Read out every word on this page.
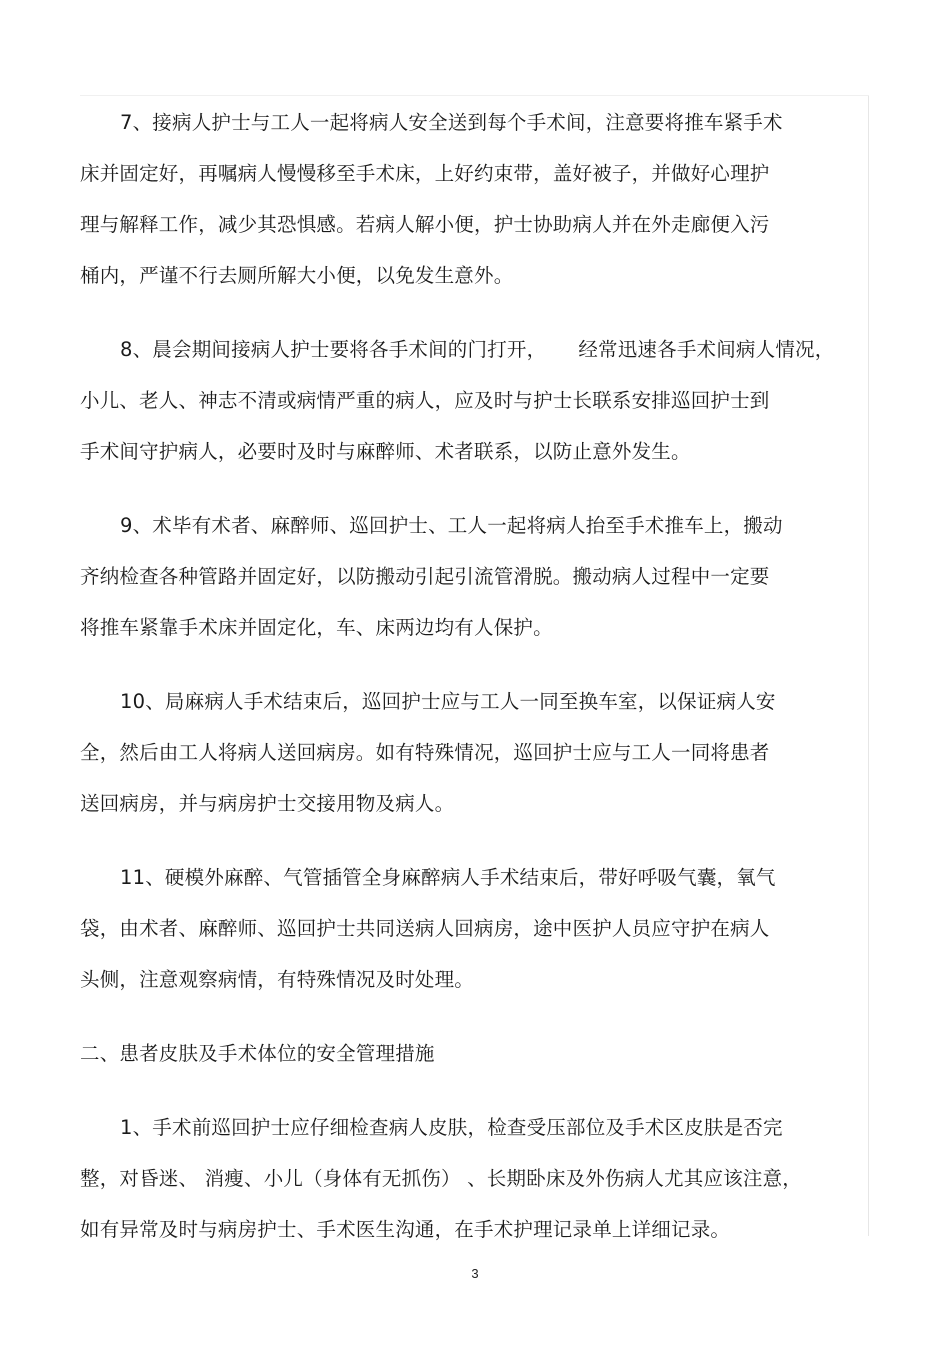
7、接病人护士与工人一起将病人安全送到每个手术间，注意要将推车紧手术
床并固定好，再嘱病人慢慢移至手术床，上好约束带，盖好被子，并做好心理护
理与解释工作，减少其恐惧感。若病人解小便，护士协助病人并在外走廊便入污
桶内，严谨不行去厕所解大小便，以免发生意外。
8、晨会期间接病人护士要将各手术间的门打开， 经常迅速各手术间病人情况，
小儿、老人、神志不清或病情严重的病人，应及时与护士长联系安排巡回护士到
手术间守护病人，必要时及时与麻醉师、术者联系，以防止意外发生。
9、术毕有术者、麻醉师、巡回护士、工人一起将病人抬至手术推车上，搬动
齐纳检查各种管路并固定好，以防搬动引起引流管滑脱。搬动病人过程中一定要
将推车紧靠手术床并固定化，车、床两边均有人保护。
10、局麻病人手术结束后，巡回护士应与工人一同至换车室，以保证病人安
全，然后由工人将病人送回病房。如有特殊情况，巡回护士应与工人一同将患者
送回病房，并与病房护士交接用物及病人。
11、硬模外麻醉、气管插管全身麻醉病人手术结束后，带好呼吸气囊，氧气
袋，由术者、麻醉师、巡回护士共同送病人回病房，途中医护人员应守护在病人
头侧，注意观察病情，有特殊情况及时处理。
二、患者皮肤及手术体位的安全管理措施
1、手术前巡回护士应仔细检查病人皮肤，检查受压部位及手术区皮肤是否完
整，对昏迷、 消瘦、小儿（身体有无抓伤） 、长期卧床及外伤病人尤其应该注意，
如有异常及时与病房护士、手术医生沟通，在手术护理记录单上详细记录。
3
